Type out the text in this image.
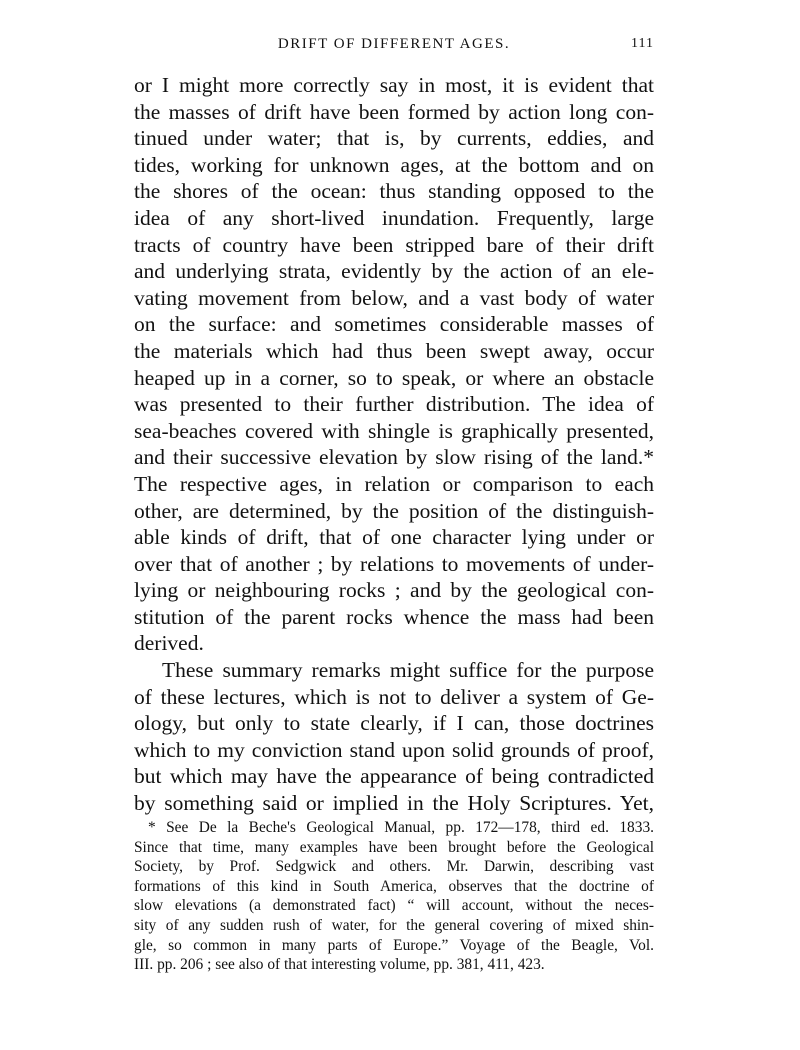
DRIFT OF DIFFERENT AGES.	111
or I might more correctly say in most, it is evident that
the masses of drift have been formed by action long con-
tinued under water; that is, by currents, eddies, and
tides, working for unknown ages, at the bottom and on
the shores of the ocean: thus standing opposed to the
idea of any short-lived inundation. Frequently, large
tracts of country have been stripped bare of their drift
and underlying strata, evidently by the action of an ele-
vating movement from below, and a vast body of water
on the surface: and sometimes considerable masses of
the materials which had thus been swept away, occur
heaped up in a corner, so to speak, or where an obstacle
was presented to their further distribution. The idea of
sea-beaches covered with shingle is graphically presented,
and their successive elevation by slow rising of the land.*
The respective ages, in relation or comparison to each
other, are determined, by the position of the distinguish-
able kinds of drift, that of one character lying under or
over that of another ; by relations to movements of under-
lying or neighbouring rocks ; and by the geological con-
stitution of the parent rocks whence the mass had been
derived.
These summary remarks might suffice for the purpose
of these lectures, which is not to deliver a system of Ge-
ology, but only to state clearly, if I can, those doctrines
which to my conviction stand upon solid grounds of proof,
but which may have the appearance of being contradicted
by something said or implied in the Holy Scriptures. Yet,
* See De la Beche's Geological Manual, pp. 172—178, third ed. 1833.
Since that time, many examples have been brought before the Geological
Society, by Prof. Sedgwick and others. Mr. Darwin, describing vast
formations of this kind in South America, observes that the doctrine of
slow elevations (a demonstrated fact) “ will account, without the neces-
sity of any sudden rush of water, for the general covering of mixed shin-
gle, so common in many parts of Europe.” Voyage of the Beagle, Vol.
III. pp. 206 ; see also of that interesting volume, pp. 381, 411, 423.
